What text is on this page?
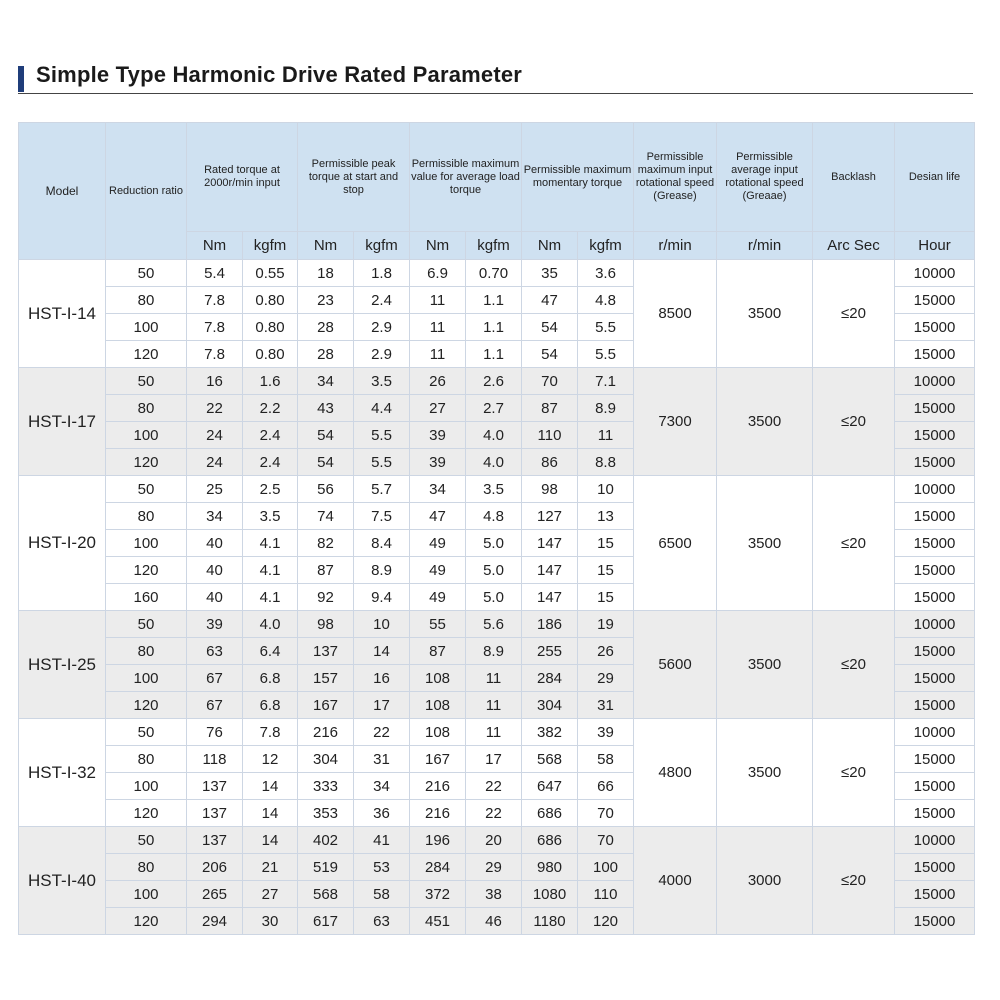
Simple Type Harmonic Drive Rated Parameter
Model	Reduction ratio	Rated torque at 2000r/min input		Permissible peak torque at start and stop		Permissible maximum value for average load torque		Permissible maximum momentary torque		Permissible maximum input rotational speed (Grease)	Permissible average input rotational speed (Greaae)	Backlash	Desian life
		Nm	kgfm	Nm	kgfm	Nm	kgfm	Nm	kgfm	r/min	r/min	Arc Sec	Hour
HST-I-14	50	5.4	0.55	18	1.8	6.9	0.70	35	3.6	8500	3500	≤20	10000
	80	7.8	0.80	23	2.4	11	1.1	47	4.8				15000
	100	7.8	0.80	28	2.9	11	1.1	54	5.5				15000
	120	7.8	0.80	28	2.9	11	1.1	54	5.5				15000
HST-I-17	50	16	1.6	34	3.5	26	2.6	70	7.1	7300	3500	≤20	10000
	80	22	2.2	43	4.4	27	2.7	87	8.9				15000
	100	24	2.4	54	5.5	39	4.0	110	11				15000
	120	24	2.4	54	5.5	39	4.0	86	8.8				15000
HST-I-20	50	25	2.5	56	5.7	34	3.5	98	10	6500	3500	≤20	10000
	80	34	3.5	74	7.5	47	4.8	127	13				15000
	100	40	4.1	82	8.4	49	5.0	147	15				15000
	120	40	4.1	87	8.9	49	5.0	147	15				15000
	160	40	4.1	92	9.4	49	5.0	147	15				15000
HST-I-25	50	39	4.0	98	10	55	5.6	186	19	5600	3500	≤20	10000
	80	63	6.4	137	14	87	8.9	255	26				15000
	100	67	6.8	157	16	108	11	284	29				15000
	120	67	6.8	167	17	108	11	304	31				15000
HST-I-32	50	76	7.8	216	22	108	11	382	39	4800	3500	≤20	10000
	80	118	12	304	31	167	17	568	58				15000
	100	137	14	333	34	216	22	647	66				15000
	120	137	14	353	36	216	22	686	70				15000
HST-I-40	50	137	14	402	41	196	20	686	70	4000	3000	≤20	10000
	80	206	21	519	53	284	29	980	100				15000
	100	265	27	568	58	372	38	1080	110				15000
	120	294	30	617	63	451	46	1180	120				15000
